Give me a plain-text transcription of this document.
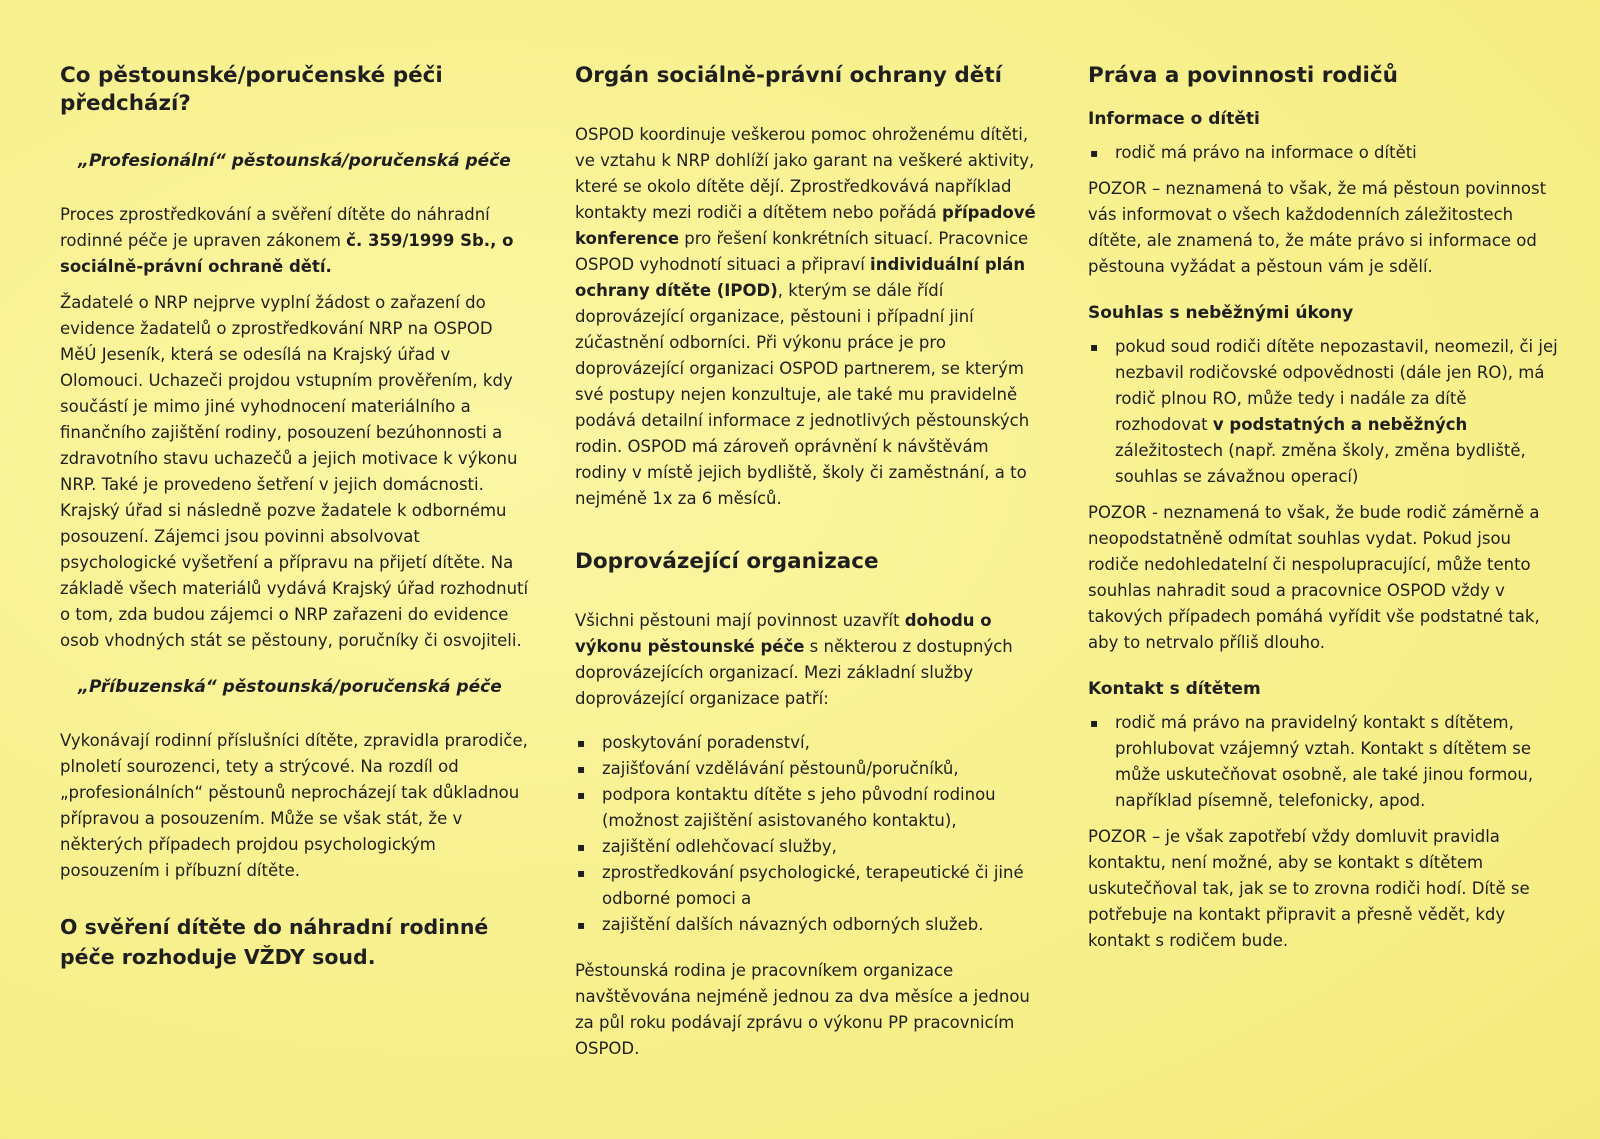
Co pěstounské/poručenské péči předchází?
„Profesionální“ pěstounská/poručenská péče

Proces zprostředkování a svěření dítěte do náhradní rodinné péče je upraven zákonem č. 359/1999 Sb., o sociálně-právní ochraně dětí.

Žadatelé o NRP nejprve vyplní žádost o zařazení do evidence žadatelů o zprostředkování NRP na OSPOD MěÚ Jeseník, která se odesílá na Krajský úřad v Olomouci. Uchazeči projdou vstupním prověřením, kdy součástí je mimo jiné vyhodnocení materiálního a finančního zajištění rodiny, posouzení bezúhonnosti a zdravotního stavu uchazečů a jejich motivace k výkonu NRP. Také je provedeno šetření v jejich domácnosti. Krajský úřad si následně pozve žadatele k odbornému posouzení. Zájemci jsou povinni absolvovat psychologické vyšetření a přípravu na přijetí dítěte. Na základě všech materiálů vydává Krajský úřad rozhodnutí o tom, zda budou zájemci o NRP zařazeni do evidence osob vhodných stát se pěstouny, poručníky či osvojiteli.

„Příbuzenská“ pěstounská/poručenská péče

Vykonávají rodinní příslušníci dítěte, zpravidla prarodiče, plnoletí sourozenci, tety a strýcové. Na rozdíl od „profesionálních“ pěstounů neprocházejí tak důkladnou přípravou a posouzením. Může se však stát, že v některých případech projdou psychologickým posouzením i příbuzní dítěte.

O svěření dítěte do náhradní rodinné péče rozhoduje VŽDY soud.
Orgán sociálně-právní ochrany dětí

OSPOD koordinuje veškerou pomoc ohroženému dítěti, ve vztahu k NRP dohlíží jako garant na veškeré aktivity, které se okolo dítěte dějí. Zprostředkovává například kontakty mezi rodiči a dítětem nebo pořádá případové konference pro řešení konkrétních situací. Pracovnice OSPOD vyhodnotí situaci a připraví individuální plán ochrany dítěte (IPOD), kterým se dále řídí doprovázející organizace, pěstouni i případní jiní zúčastnění odborníci. Při výkonu práce je pro doprovázející organizaci OSPOD partnerem, se kterým své postupy nejen konzultuje, ale také mu pravidelně podává detailní informace z jednotlivých pěstounských rodin. OSPOD má zároveň oprávnění k návštěvám rodiny v místě jejich bydliště, školy či zaměstnání, a to nejméně 1x za 6 měsíců.

Doprovázející organizace

Všichni pěstouni mají povinnost uzavřít dohodu o výkonu pěstounské péče s některou z dostupných doprovázejících organizací. Mezi základní služby doprovázející organizace patří:

▪ poskytování poradenství,
▪ zajišťování vzdělávání pěstounů/poručníků,
▪ podpora kontaktu dítěte s jeho původní rodinou (možnost zajištění asistovaného kontaktu),
▪ zajištění odlehčovací služby,
▪ zprostředkování psychologické, terapeutické či jiné odborné pomoci a
▪ zajištění dalších návazných odborných služeb.

Pěstounská rodina je pracovníkem organizace navštěvována nejméně jednou za dva měsíce a jednou za půl roku podávají zprávu o výkonu PP pracovnicím OSPOD.

Práva a povinnosti rodičů
Informace o dítěti
▪ rodič má právo na informace o dítěti

POZOR – neznamená to však, že má pěstoun povinnost vás informovat o všech každodenních záležitostech dítěte, ale znamená to, že máte právo si informace od pěstouna vyžádat a pěstoun vám je sdělí.

Souhlas s neběžnými úkony
▪ pokud soud rodiči dítěte nepozastavil, neomezil, či jej nezbavil rodičovské odpovědnosti (dále jen RO), má rodič plnou RO, může tedy i nadále za dítě rozhodovat v podstatných a neběžných záležitostech (např. změna školy, změna bydliště, souhlas se závažnou operací)

POZOR - neznamená to však, že bude rodič záměrně a neopodstatněně odmítat souhlas vydat. Pokud jsou rodiče nedohledatelní či nespolupracující, může tento souhlas nahradit soud a pracovnice OSPOD vždy v takových případech pomáhá vyřídit vše podstatné tak, aby to netrvalo příliš dlouho.

Kontakt s dítětem
▪ rodič má právo na pravidelný kontakt s dítětem, prohlubovat vzájemný vztah. Kontakt s dítětem se může uskutečňovat osobně, ale také jinou formou, například písemně, telefonicky, apod.

POZOR – je však zapotřebí vždy domluvit pravidla kontaktu, není možné, aby se kontakt s dítětem uskutečňoval tak, jak se to zrovna rodiči hodí. Dítě se potřebuje na kontakt připravit a přesně vědět, kdy kontakt s rodičem bude.
